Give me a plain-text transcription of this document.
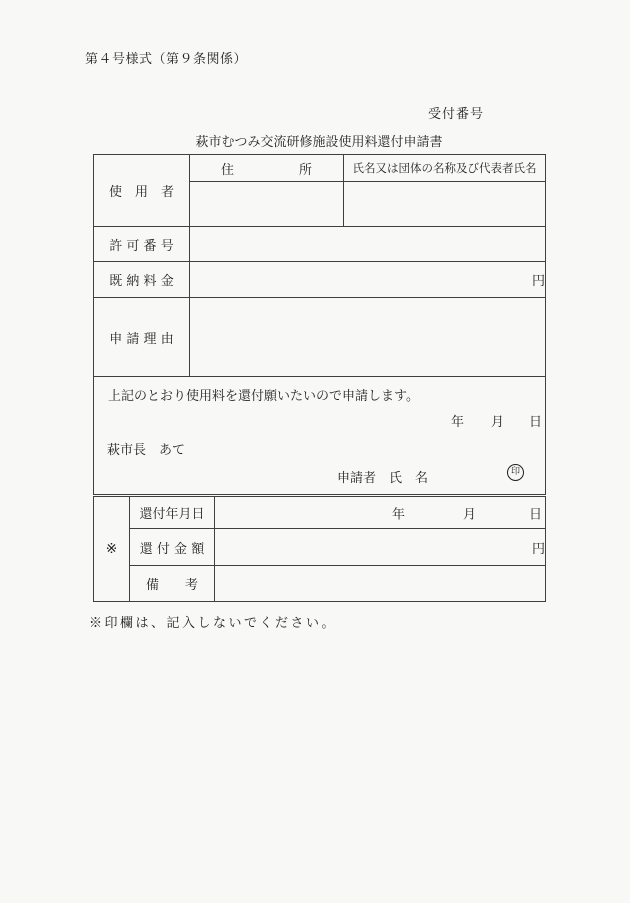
第４号様式（第９条関係）
受付番号
萩市むつみ交流研修施設使用料還付申請書
使　用　者	住　　　　　所	氏名又は団体の名称及び代表者氏名

許 可 番 号		
既 納 料 金	円	
申 請 理 由		

上記のとおり使用料を還付願いたいので申請します。
年 月 日
萩市長　あて
申請者　氏　名	印
※	還付年月日	年 月 日

	還 付 金 額	円
	備　　考	
※印欄は、記入しないでください。
